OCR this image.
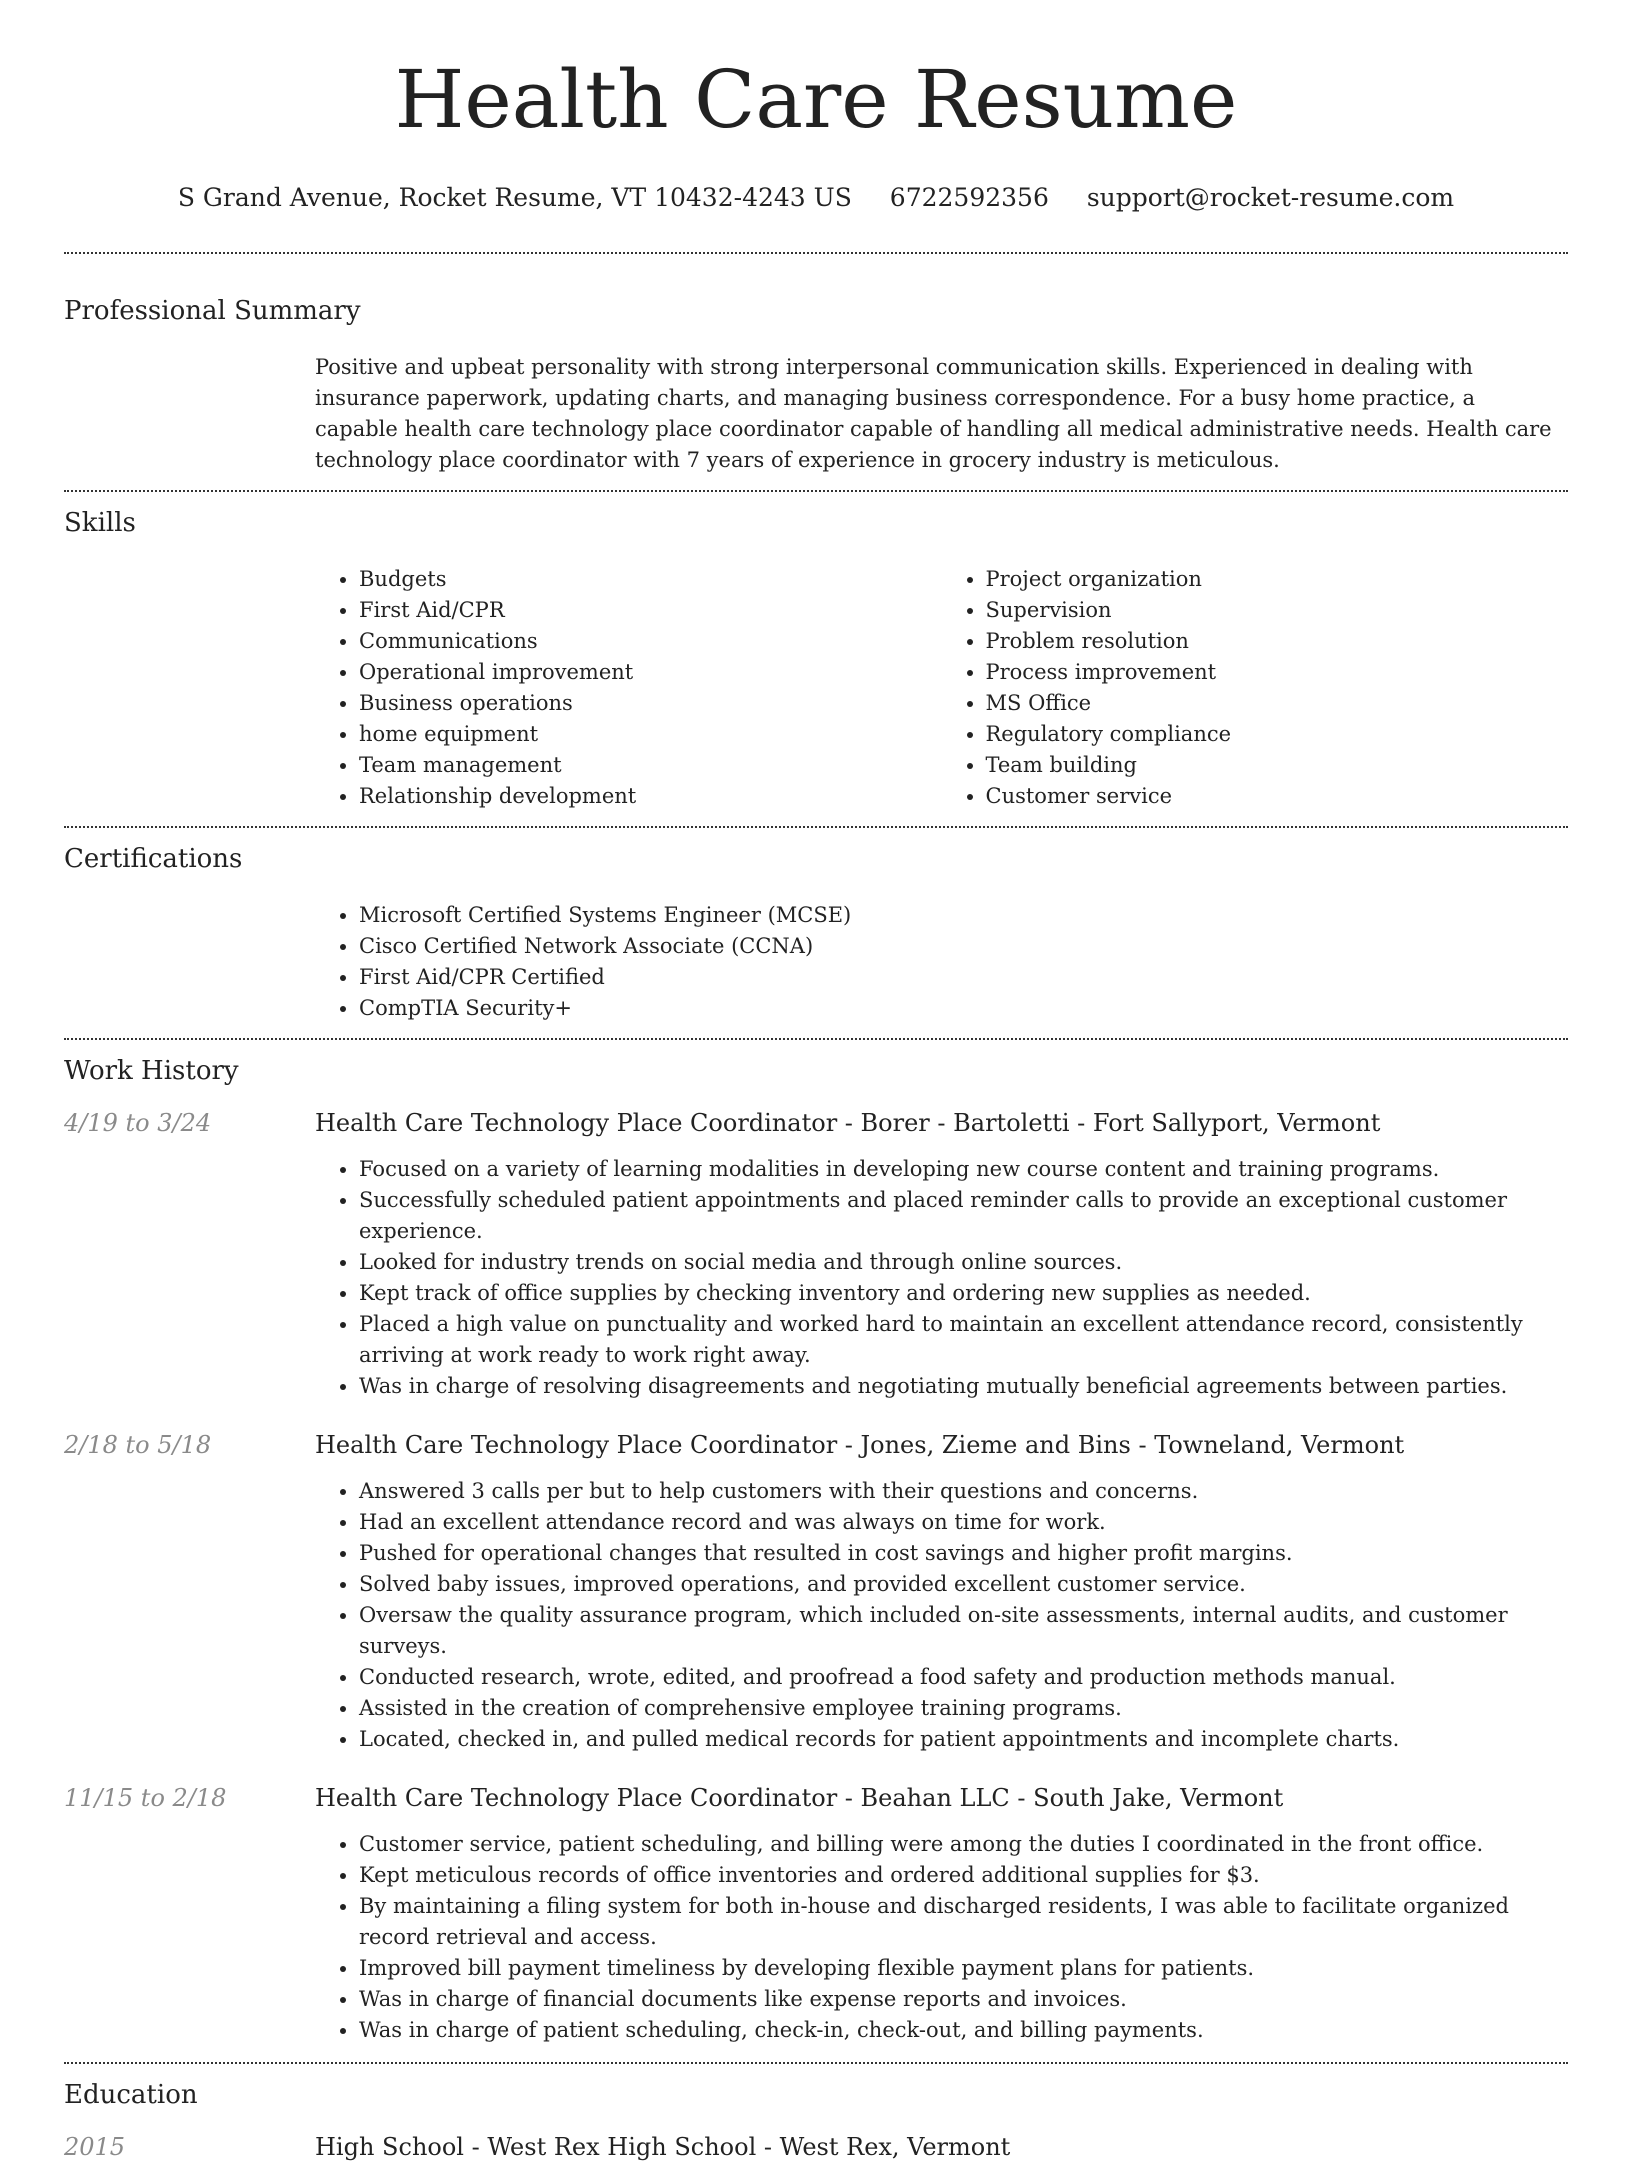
Health Care Resume
S Grand Avenue, Rocket Resume, VT 10432-4243 US 6722592356 support@rocket-resume.com
Professional Summary
Positive and upbeat personality with strong interpersonal communication skills. Experienced in dealing with insurance paperwork, updating charts, and managing business correspondence. For a busy home practice, a capable health care technology place coordinator capable of handling all medical administrative needs. Health care technology place coordinator with 7 years of experience in grocery industry is meticulous.
Skills
• Budgets
• First Aid/CPR
• Communications
• Operational improvement
• Business operations
• home equipment
• Team management
• Relationship development
• Project organization
• Supervision
• Problem resolution
• Process improvement
• MS Office
• Regulatory compliance
• Team building
• Customer service
Certifications
• Microsoft Certified Systems Engineer (MCSE)
• Cisco Certified Network Associate (CCNA)
• First Aid/CPR Certified
• CompTIA Security+
Work History
4/19 to 3/24	Health Care Technology Place Coordinator - Borer - Bartoletti - Fort Sallyport, Vermont
• Focused on a variety of learning modalities in developing new course content and training programs.
• Successfully scheduled patient appointments and placed reminder calls to provide an exceptional customer experience.
• Looked for industry trends on social media and through online sources.
• Kept track of office supplies by checking inventory and ordering new supplies as needed.
• Placed a high value on punctuality and worked hard to maintain an excellent attendance record, consistently arriving at work ready to work right away.
• Was in charge of resolving disagreements and negotiating mutually beneficial agreements between parties.
2/18 to 5/18	Health Care Technology Place Coordinator - Jones, Zieme and Bins - Towneland, Vermont
• Answered 3 calls per but to help customers with their questions and concerns.
• Had an excellent attendance record and was always on time for work.
• Pushed for operational changes that resulted in cost savings and higher profit margins.
• Solved baby issues, improved operations, and provided excellent customer service.
• Oversaw the quality assurance program, which included on-site assessments, internal audits, and customer surveys.
• Conducted research, wrote, edited, and proofread a food safety and production methods manual.
• Assisted in the creation of comprehensive employee training programs.
• Located, checked in, and pulled medical records for patient appointments and incomplete charts.
11/15 to 2/18	Health Care Technology Place Coordinator - Beahan LLC - South Jake, Vermont
• Customer service, patient scheduling, and billing were among the duties I coordinated in the front office.
• Kept meticulous records of office inventories and ordered additional supplies for $3.
• By maintaining a filing system for both in-house and discharged residents, I was able to facilitate organized record retrieval and access.
• Improved bill payment timeliness by developing flexible payment plans for patients.
• Was in charge of financial documents like expense reports and invoices.
• Was in charge of patient scheduling, check-in, check-out, and billing payments.
Education
2015	High School - West Rex High School - West Rex, Vermont
